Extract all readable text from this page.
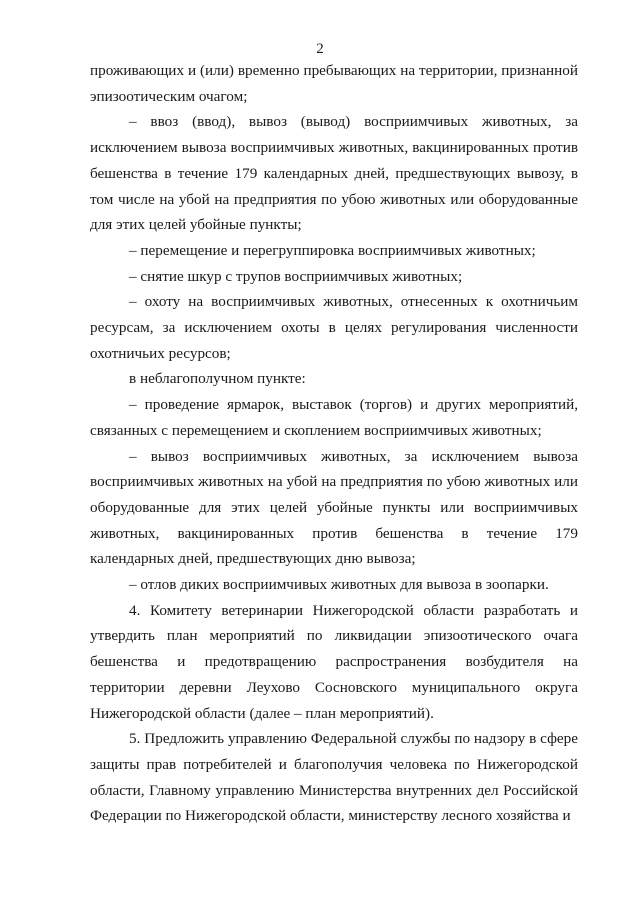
2

проживающих и (или) временно пребывающих на территории, признанной эпизоотическим очагом;

– ввоз (ввод), вывоз (вывод) восприимчивых животных, за исключением вывоза восприимчивых животных, вакцинированных против бешенства в течение 179 календарных дней, предшествующих вывозу, в том числе на убой на предприятия по убою животных или оборудованные для этих целей убойные пункты;

– перемещение и перегруппировка восприимчивых животных;

– снятие шкур с трупов восприимчивых животных;

– охоту на восприимчивых животных, отнесенных к охотничьим ресурсам, за исключением охоты в целях регулирования численности охотничьих ресурсов;

в неблагополучном пункте:

– проведение ярмарок, выставок (торгов) и других мероприятий, связанных с перемещением и скоплением восприимчивых животных;

– вывоз восприимчивых животных, за исключением вывоза восприимчивых животных на убой на предприятия по убою животных или оборудованные для этих целей убойные пункты или восприимчивых животных, вакцинированных против бешенства в течение 179 календарных дней, предшествующих дню вывоза;

– отлов диких восприимчивых животных для вывоза в зоопарки.

4. Комитету ветеринарии Нижегородской области разработать и утвердить план мероприятий по ликвидации эпизоотического очага бешенства и предотвращению распространения возбудителя на территории деревни Леухово Сосновского муниципального округа Нижегородской области (далее – план мероприятий).

5. Предложить управлению Федеральной службы по надзору в сфере защиты прав потребителей и благополучия человека по Нижегородской области, Главному управлению Министерства внутренних дел Российской Федерации по Нижегородской области, министерству лесного хозяйства и
